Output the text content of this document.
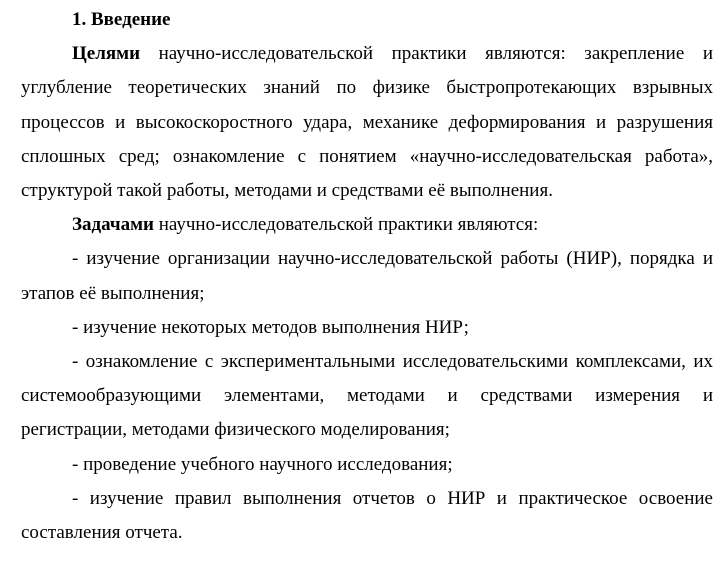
1. Введение

Целями научно-исследовательской практики являются: закрепление и углубление теоретических знаний по физике быстропротекающих взрывных процессов и высокоскоростного удара, механике деформирования и разрушения сплошных сред; ознакомление с понятием «научно-исследовательская работа», структурой такой работы, методами и средствами её выполнения.

Задачами научно-исследовательской практики являются:

- изучение организации научно-исследовательской работы (НИР), порядка и этапов её выполнения;

- изучение некоторых методов выполнения НИР;

- ознакомление с экспериментальными исследовательскими комплексами, их системообразующими элементами, методами и средствами измерения и регистрации, методами физического моделирования;

- проведение учебного научного исследования;

- изучение правил выполнения отчетов о НИР и практическое освоение составления отчета.
